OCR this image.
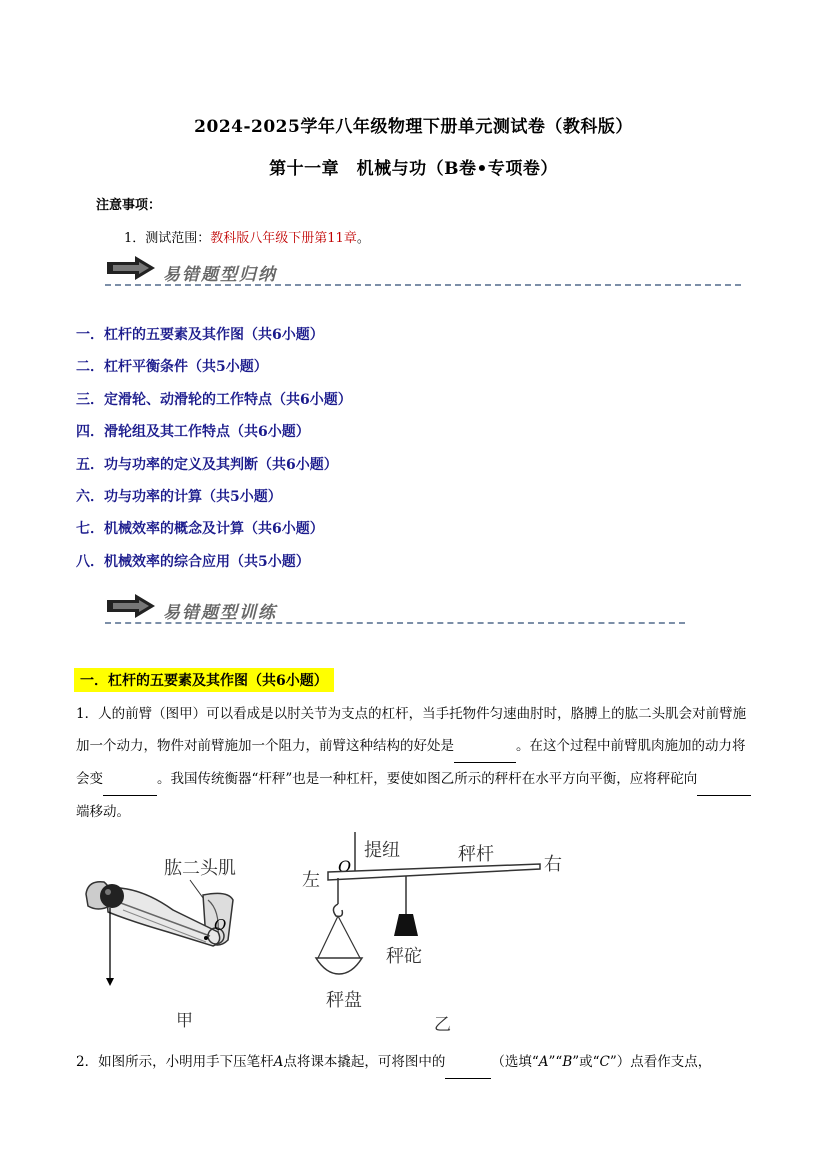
2024-2025学年八年级物理下册单元测试卷（教科版）
第十一章　机械与功（B卷•专项卷）
注意事项：
1．测试范围：教科版八年级下册第11章。
易错题型归纳
一．杠杆的五要素及其作图（共6小题）
二．杠杆平衡条件（共5小题）
三．定滑轮、动滑轮的工作特点（共6小题）
四．滑轮组及其工作特点（共6小题）
五．功与功率的定义及其判断（共6小题）
六．功与功率的计算（共5小题）
七．机械效率的概念及计算（共6小题）
八．机械效率的综合应用（共5小题）
易错题型训练
一．杠杆的五要素及其作图（共6小题）
1．人的前臂（图甲）可以看成是以肘关节为支点的杠杆，当手托物件匀速曲肘时，胳膊上的肱二头肌会对前臂施加一个动力，物件对前臂施加一个阻力，前臂这种结构的好处是	。在这个过程中前臂肌肉施加的动力将会变	。我国传统衡器“杆秤”也是一种杠杆，要使如图乙所示的秤杆在水平方向平衡，应将秤砣向 端移动。
肱二头肌
O
甲
左
右
O
提纽	秤杆
秤盘
秤砣
乙
2．如图所示，小明用手下压笔杆A点将课本撬起，可将图中的	（选填“A”“B”或“C”）点看作支点，
